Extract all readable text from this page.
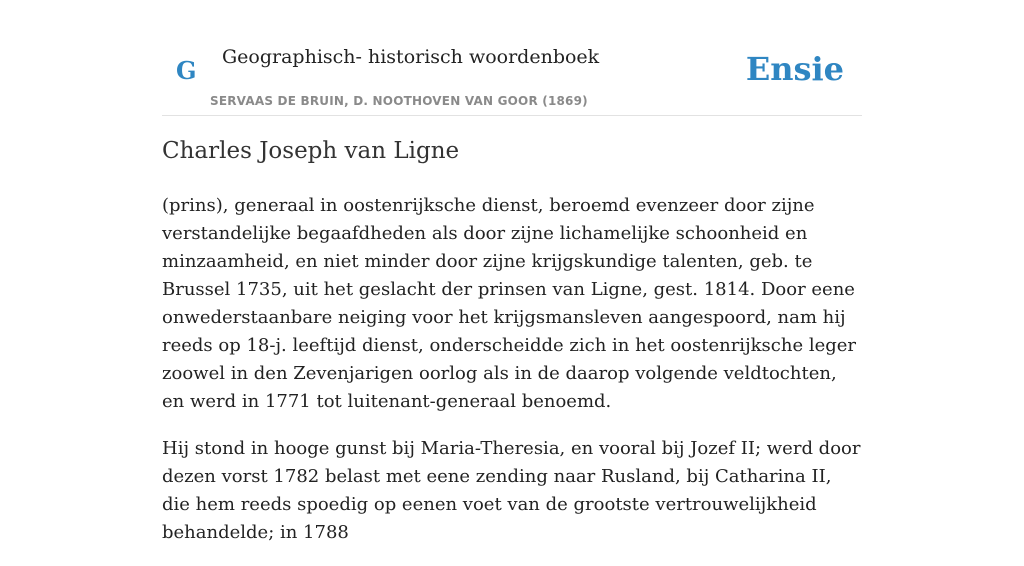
G Geographisch- historisch woordenboek
SERVAAS DE BRUIN, D. NOOTHOVEN VAN GOOR (1869)
Ensie
Charles Joseph van Ligne

(prins), generaal in oostenrijksche dienst, beroemd evenzeer door zijne verstandelijke begaafdheden als door zijne lichamelijke schoonheid en minzaamheid, en niet minder door zijne krijgskundige talenten, geb. te Brussel 1735, uit het geslacht der prinsen van Ligne, gest. 1814. Door eene onwederstaanbare neiging voor het krijgsmansleven aangespoord, nam hij reeds op 18-j. leeftijd dienst, onderscheidde zich in het oostenrijksche leger zoowel in den Zevenjarigen oorlog als in de daarop volgende veldtochten, en werd in 1771 tot luitenant-generaal benoemd.

Hij stond in hooge gunst bij Maria-Theresia, en vooral bij Jozef II; werd door dezen vorst 1782 belast met eene zending naar Rusland, bij Catharina II, die hem reeds spoedig op eenen voet van de grootste vertrouwelijkheid behandelde; in 1788
